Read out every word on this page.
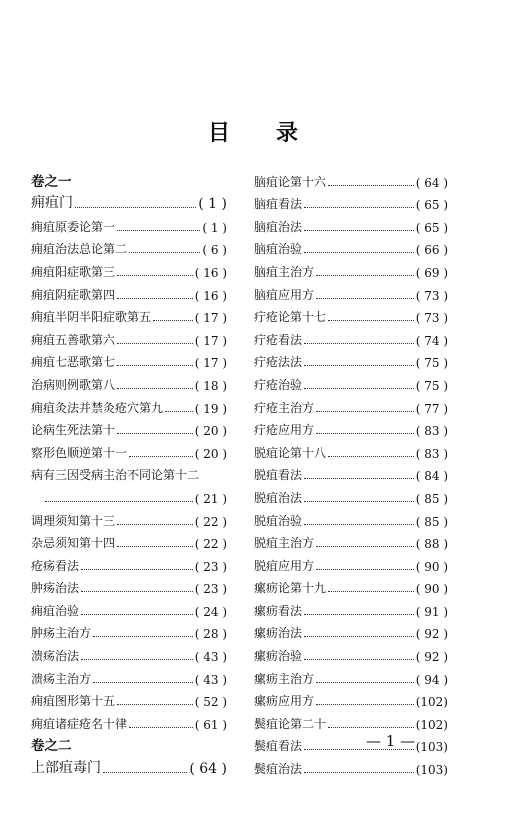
目 录
卷之一
痈疽门	( 1 )
痈疽原委论第一	( 1 )
痈疽治法总论第二	( 6 )
痈疽阳症歌第三	( 16 )
痈疽阴症歌第四	( 16 )
痈疽半阴半阳症歌第五	( 17 )
痈疽五善歌第六	( 17 )
痈疽七恶歌第七	( 17 )
治病则例歌第八	( 18 )
痈疽灸法并禁灸疮穴第九	( 19 )
论病生死法第十	( 20 )
察形色顺逆第十一	( 20 )
病有三因受病主治不同论第十二
( 21 )
调理须知第十三	( 22 )
杂忌须知第十四	( 22 )
疮疡看法	( 23 )
肿疡治法	( 23 )
痈疽治验	( 24 )
肿疡主治方	( 28 )
溃疡治法	( 43 )
溃疡主治方	( 43 )
痈疽图形第十五	( 52 )
痈疽诸症疮名十律	( 61 )
卷之二
上部疽毒门	( 64 )
脑疽论第十六	( 64 )
脑疽看法	( 65 )
脑疽治法	( 65 )
脑疽治验	( 66 )
脑疽主治方	( 69 )
脑疽应用方	( 73 )
疔疮论第十七	( 73 )
疔疮看法	( 74 )
疔疮法法	( 75 )
疔疮治验	( 75 )
疔疮主治方	( 77 )
疔疮应用方	( 83 )
脱疽论第十八	( 83 )
脱疽看法	( 84 )
脱疽治法	( 85 )
脱疽治验	( 85 )
脱疽主治方	( 88 )
脱疽应用方	( 90 )
瘰疬论第十九	( 90 )
瘰疬看法	( 91 )
瘰疬治法	( 92 )
瘰疬治验	( 92 )
瘰疬主治方	( 94 )
瘰疬应用方	(102)
鬓疽论第二十	(102)
鬓疽看法	(103)
鬓疽治法	(103)
— 1 —
